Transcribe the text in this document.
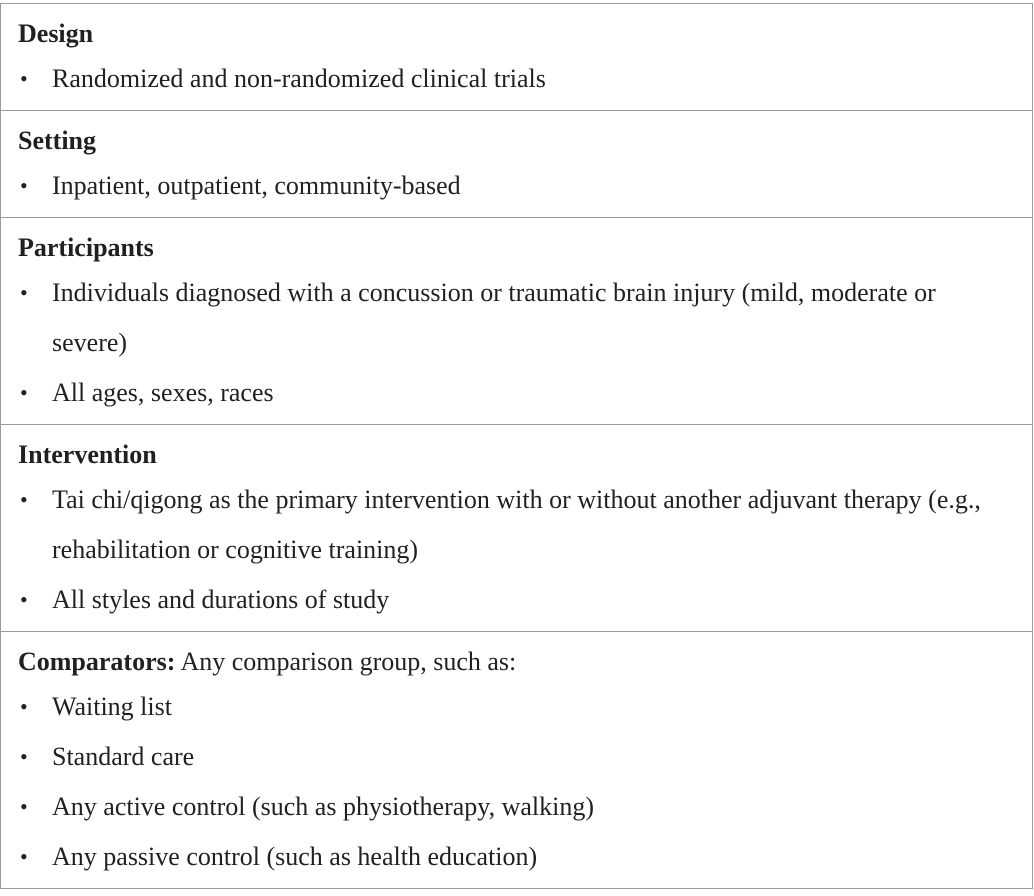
Design
• Randomized and non-randomized clinical trials

Setting
• Inpatient, outpatient, community-based

Participants
• Individuals diagnosed with a concussion or traumatic brain injury (mild, moderate or severe)
• All ages, sexes, races

Intervention
• Tai chi/qigong as the primary intervention with or without another adjuvant therapy (e.g., rehabilitation or cognitive training)
• All styles and durations of study

Comparators: Any comparison group, such as:
• Waiting list
• Standard care
• Any active control (such as physiotherapy, walking)
• Any passive control (such as health education)
